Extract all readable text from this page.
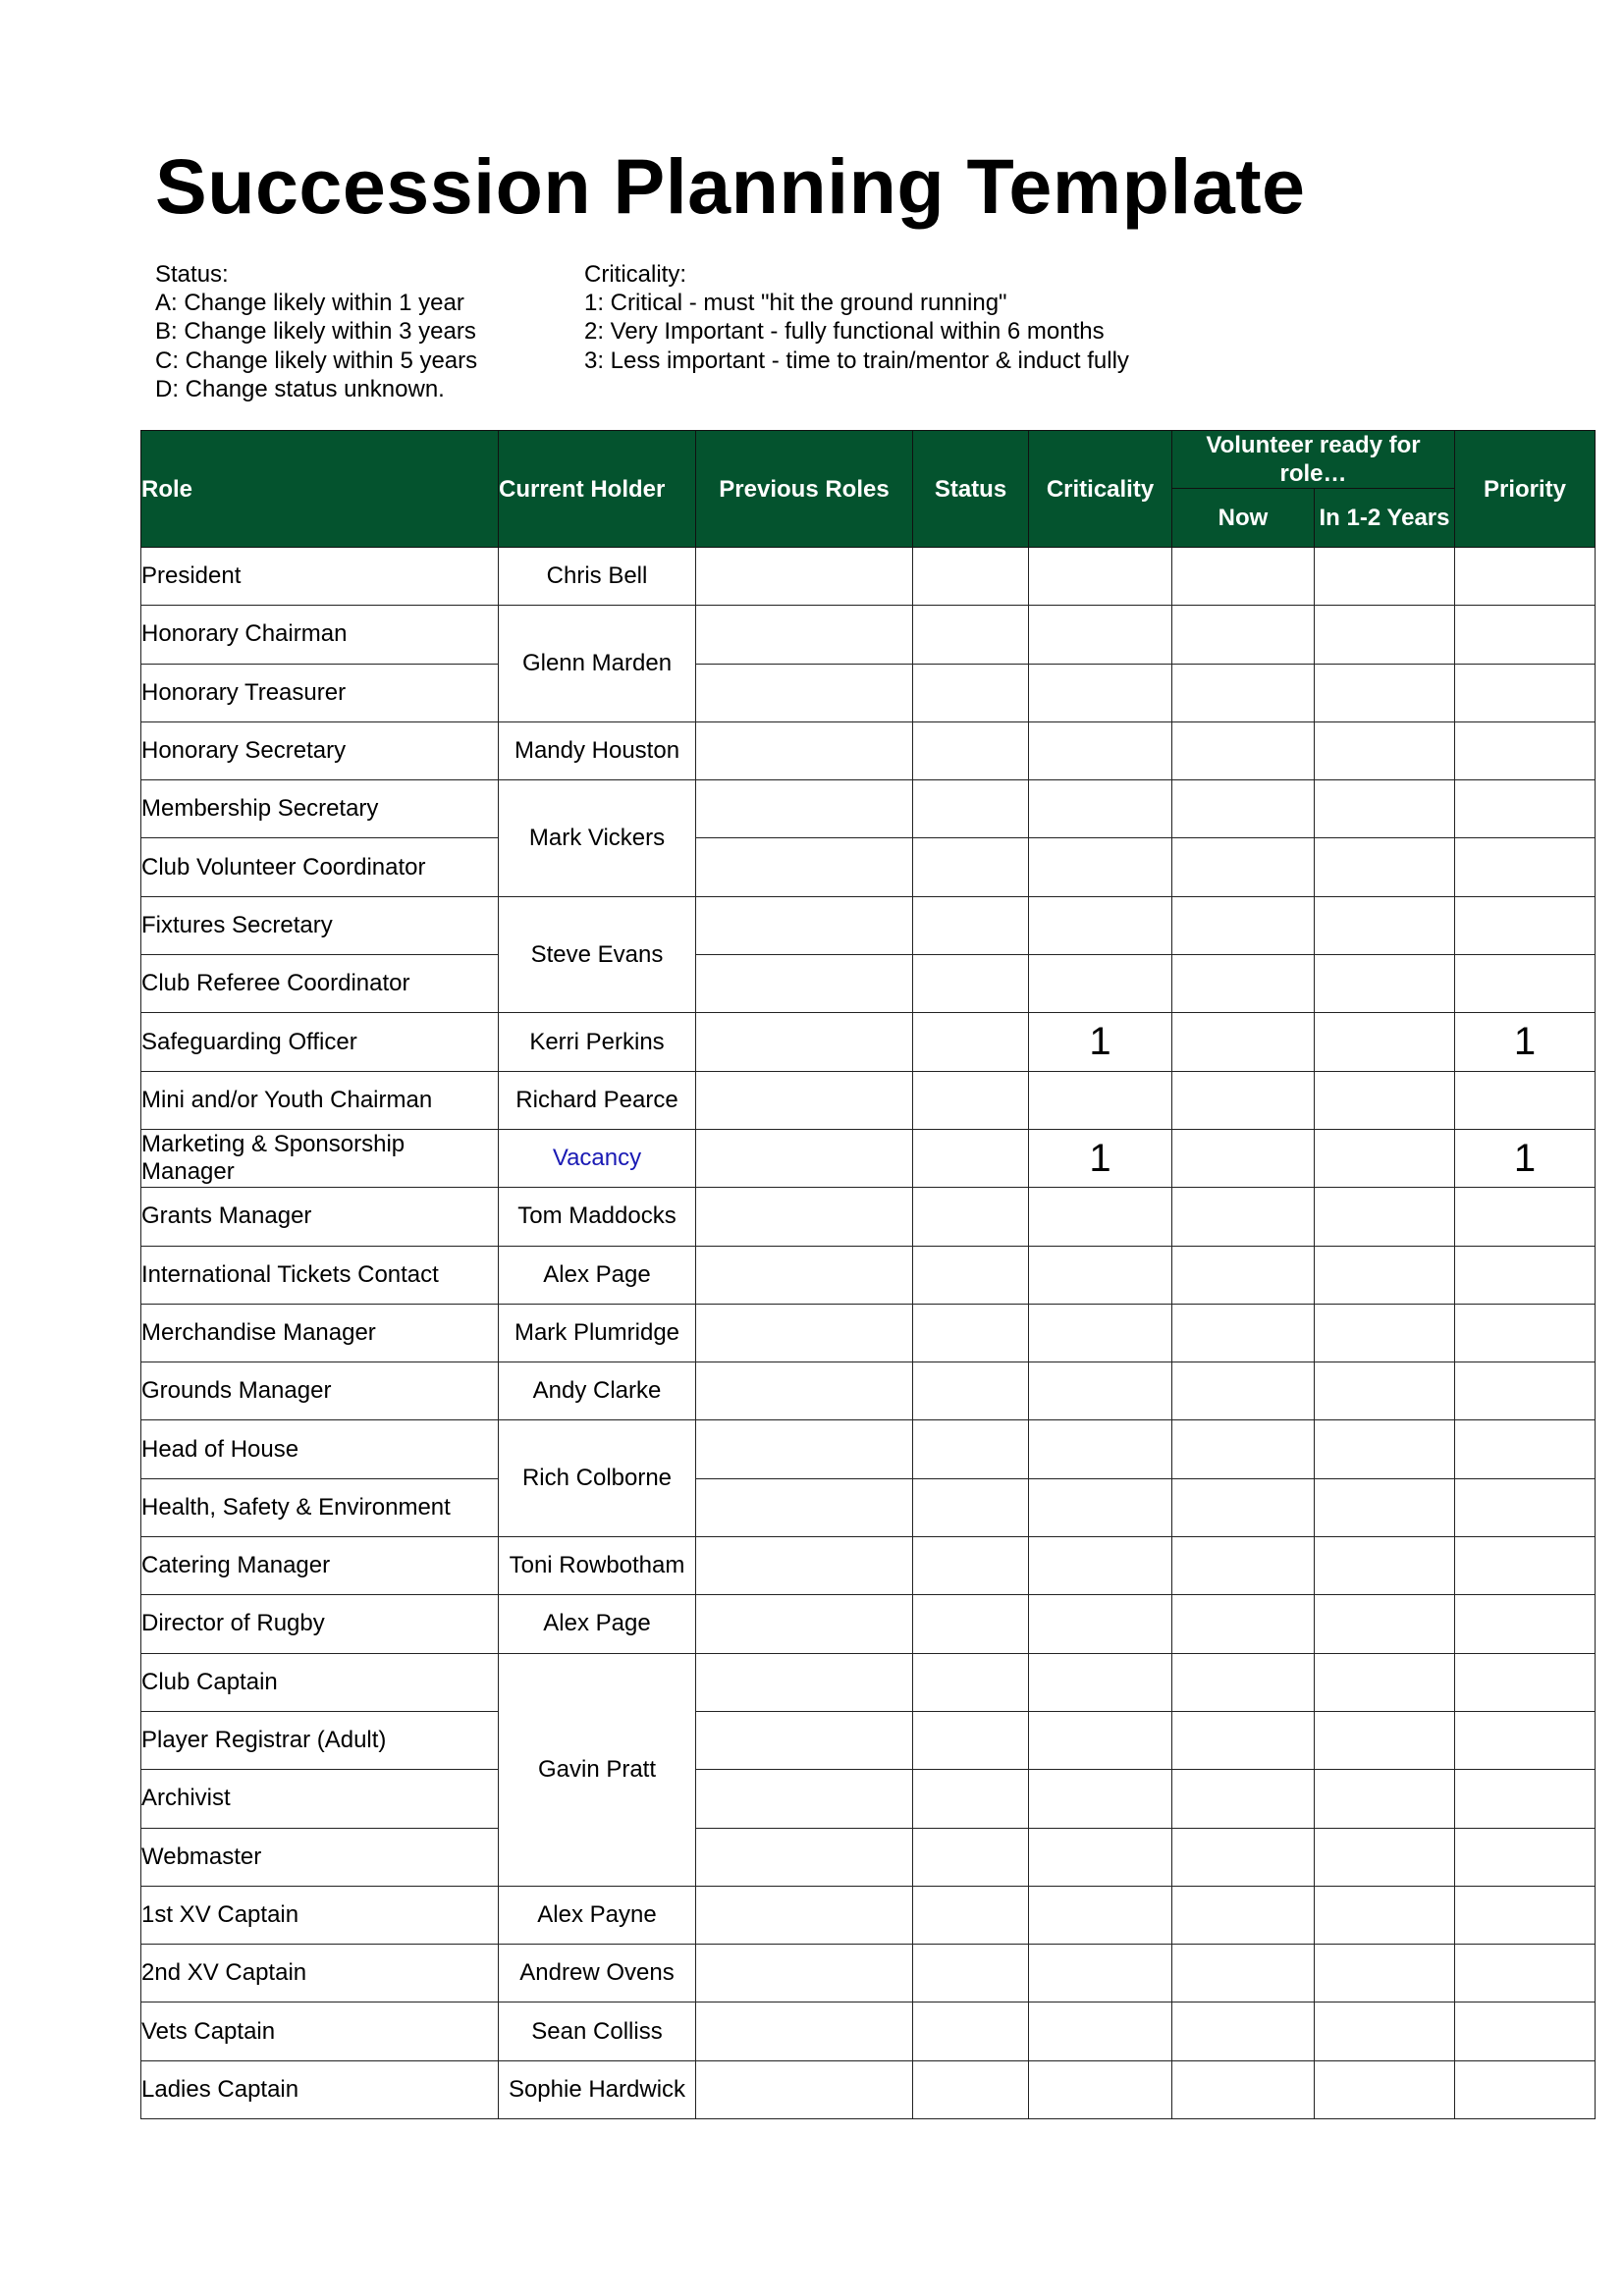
Succession Planning Template
Status:
A: Change likely within 1 year
B: Change likely within 3 years
C: Change likely within 5 years
D: Change status unknown.
Criticality:
1: Critical - must "hit the ground running"
2: Very Important - fully functional within 6 months
3: Less important - time to train/mentor & induct fully
Role	Current Holder	Previous Roles	Status	Criticality	Volunteer ready for role…		Priority
					Now	In 1-2 Years	
President	Chris Bell						
Honorary Chairman	Glenn Marden						
Honorary Treasurer							
Honorary Secretary	Mandy Houston						
Membership Secretary	Mark Vickers						
Club Volunteer Coordinator							
Fixtures Secretary	Steve Evans						
Club Referee Coordinator							
Safeguarding Officer	Kerri Perkins			1			1
Mini and/or Youth Chairman	Richard Pearce						
Marketing & Sponsorship Manager	Vacancy			1			1
Grants Manager	Tom Maddocks						
International Tickets Contact	Alex Page						
Merchandise Manager	Mark Plumridge						
Grounds Manager	Andy Clarke						
Head of House	Rich Colborne						
Health, Safety & Environment							
Catering Manager	Toni Rowbotham						
Director of Rugby	Alex Page						
Club Captain	Gavin Pratt						
Player Registrar (Adult)							
Archivist							
Webmaster							
1st XV Captain	Alex Payne						
2nd XV Captain	Andrew Ovens						
Vets Captain	Sean Colliss						
Ladies Captain	Sophie Hardwick						
